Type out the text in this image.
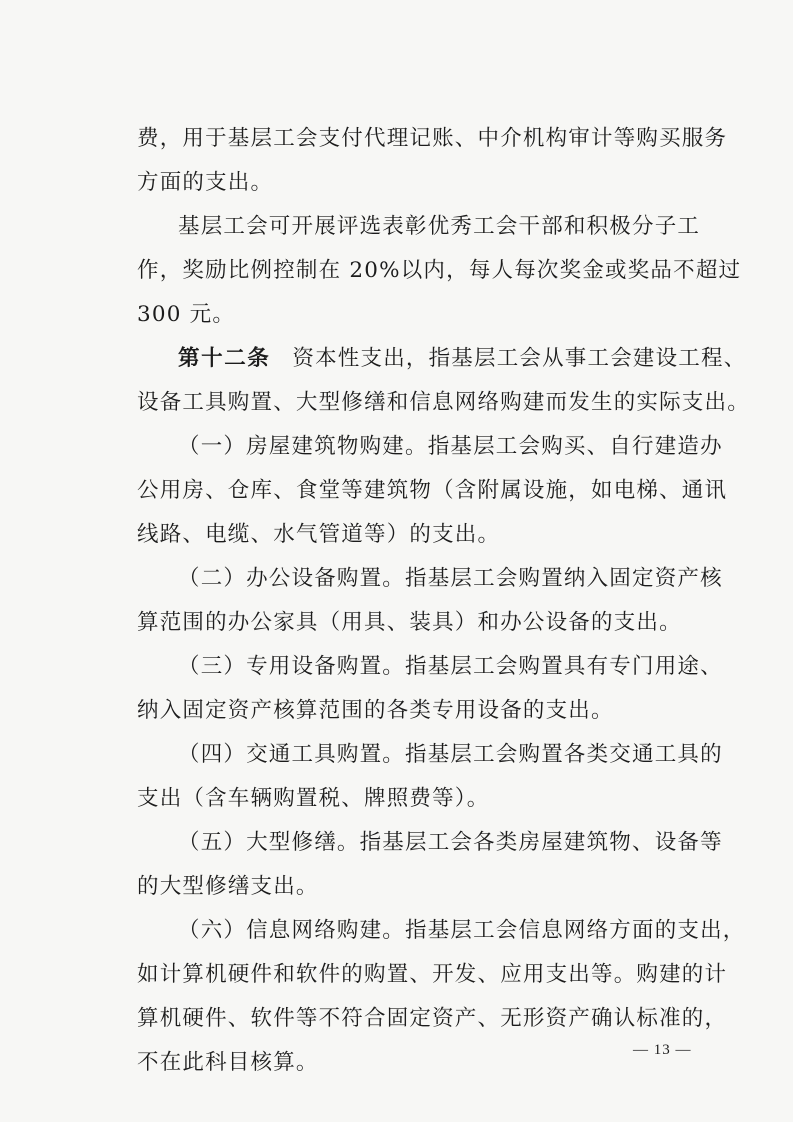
费，用于基层工会支付代理记账、中介机构审计等购买服务
方面的支出。
基层工会可开展评选表彰优秀工会干部和积极分子工
作，奖励比例控制在 20%以内，每人每次奖金或奖品不超过
300 元。
第十二条 资本性支出，指基层工会从事工会建设工程、
设备工具购置、大型修缮和信息网络购建而发生的实际支出。
（一）房屋建筑物购建。指基层工会购买、自行建造办
公用房、仓库、食堂等建筑物（含附属设施，如电梯、通讯
线路、电缆、水气管道等）的支出。
（二）办公设备购置。指基层工会购置纳入固定资产核
算范围的办公家具（用具、装具）和办公设备的支出。
（三）专用设备购置。指基层工会购置具有专门用途、
纳入固定资产核算范围的各类专用设备的支出。
（四）交通工具购置。指基层工会购置各类交通工具的
支出（含车辆购置税、牌照费等）。
（五）大型修缮。指基层工会各类房屋建筑物、设备等
的大型修缮支出。
（六）信息网络购建。指基层工会信息网络方面的支出，
如计算机硬件和软件的购置、开发、应用支出等。购建的计
算机硬件、软件等不符合固定资产、无形资产确认标准的，
不在此科目核算。	— 13 —
